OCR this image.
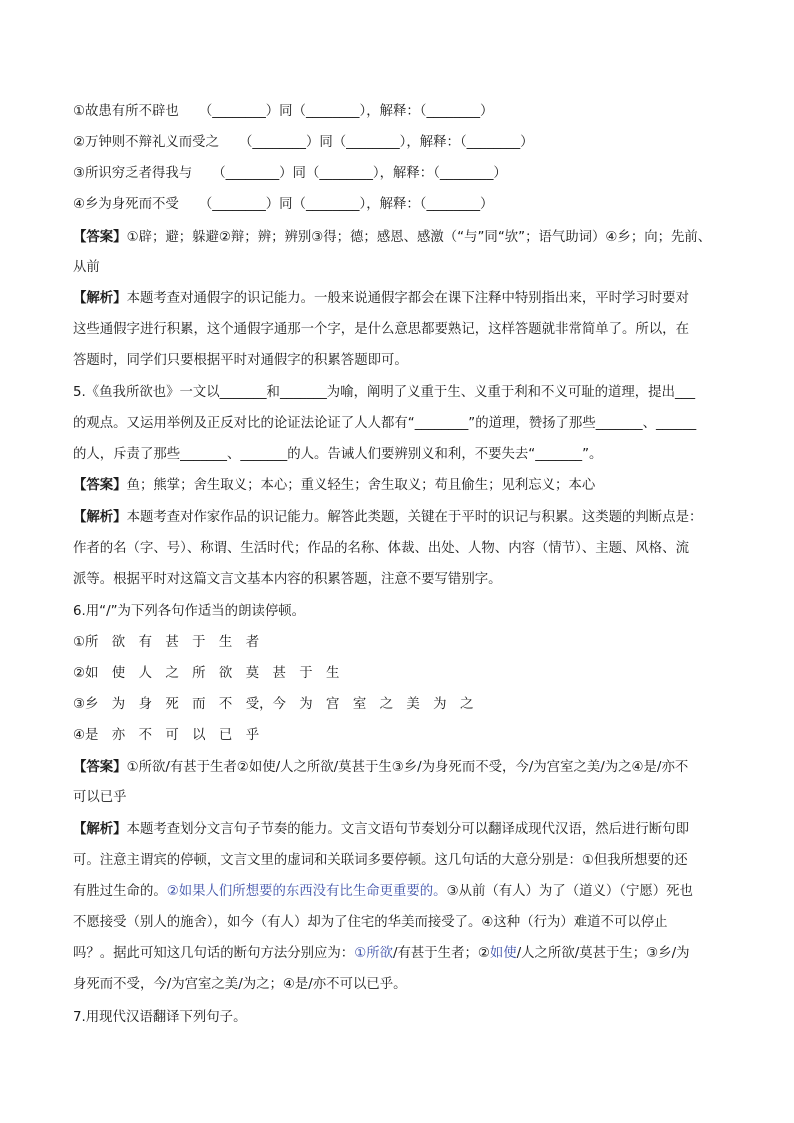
①故患有所不辟也　　（________）同（________），解释：（________）
②万钟则不辩礼义而受之　　（________）同（________），解释：（________）
③所识穷乏者得我与　　（________）同（________），解释：（________）
④乡为身死而不受　　（________）同（________），解释：（________）
【答案】①辟；避；躲避②辩；辨；辨别③得；德；感恩、感激（“与”同“欤”；语气助词）④乡；向；先前、
从前
【解析】本题考查对通假字的识记能力。一般来说通假字都会在课下注释中特别指出来，平时学习时要对
这些通假字进行积累，这个通假字通那一个字，是什么意思都要熟记，这样答题就非常简单了。所以，在
答题时，同学们只要根据平时对通假字的积累答题即可。
5.《鱼我所欲也》一文以_______和_______为喻，阐明了义重于生、义重于利和不义可耻的道理，提出___
的观点。又运用举例及正反对比的论证法论证了人人都有“________”的道理，赞扬了那些_______、______
的人，斥责了那些_______、_______的人。告诫人们要辨别义和利，不要失去“_______”。
【答案】鱼；熊掌；舍生取义；本心；重义轻生；舍生取义；苟且偷生；见利忘义；本心
【解析】本题考查对作家作品的识记能力。解答此类题，关键在于平时的识记与积累。这类题的判断点是：
作者的名（字、号）、称谓、生活时代；作品的名称、体裁、出处、人物、内容（情节）、主题、风格、流
派等。根据平时对这篇文言文基本内容的积累答题，注意不要写错别字。
6.用“/”为下列各句作适当的朗读停顿。
①所　欲　有　甚　于　生　者
②如　使　人　之　所　欲　莫　甚　于　生
③乡　为　身　死　而　不　受，今　为　宫　室　之　美　为　之
④是　亦　不　可　以　已　乎
【答案】①所欲/有甚于生者②如使/人之所欲/莫甚于生③乡/为身死而不受，今/为宫室之美/为之④是/亦不
可以已乎
【解析】本题考查划分文言句子节奏的能力。文言文语句节奏划分可以翻译成现代汉语，然后进行断句即
可。注意主谓宾的停顿，文言文里的虚词和关联词多要停顿。这几句话的大意分别是：①但我所想要的还
有胜过生命的。②如果人们所想要的东西没有比生命更重要的。③从前（有人）为了（道义）（宁愿）死也
不愿接受（别人的施舍），如今（有人）却为了住宅的华美而接受了。④这种（行为）难道不可以停止
吗？。据此可知这几句话的断句方法分别应为：①所欲/有甚于生者；②如使/人之所欲/莫甚于生；③乡/为
身死而不受，今/为宫室之美/为之；④是/亦不可以已乎。
7.用现代汉语翻译下列句子。
